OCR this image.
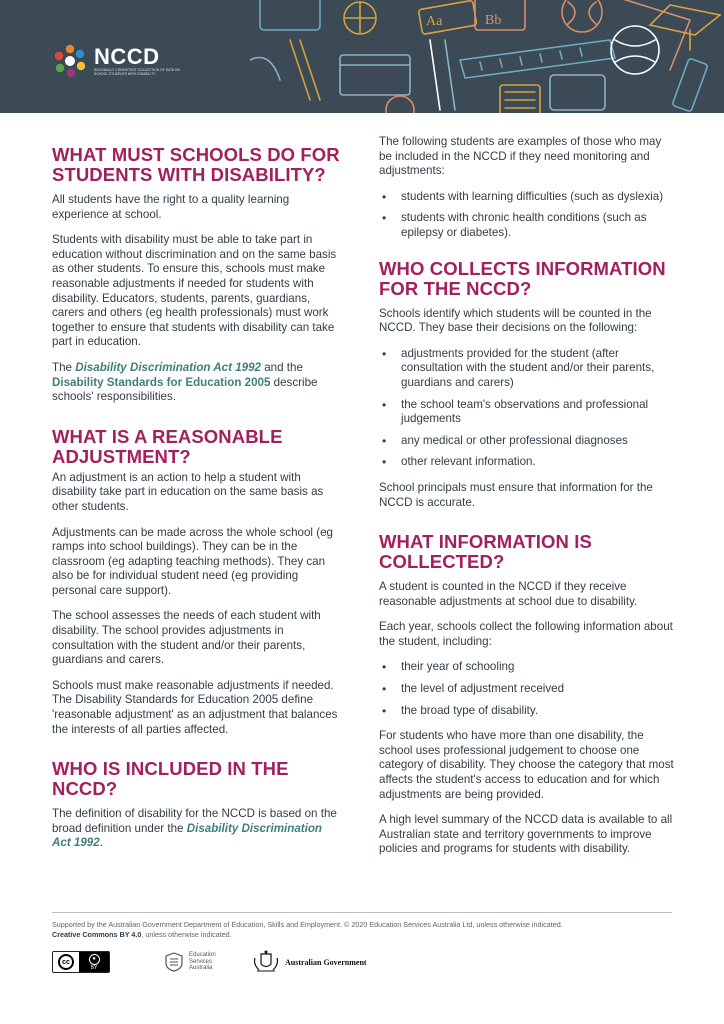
Aa	Bb
NCCD
NATIONALLY CONSISTENT COLLECTION OF DATA ON SCHOOL STUDENTS WITH DISABILITY
WHAT MUST SCHOOLS DO FOR STUDENTS WITH DISABILITY?

All students have the right to a quality learning experience at school.

Students with disability must be able to take part in education without discrimination and on the same basis as other students. To ensure this, schools must make reasonable adjustments if needed for students with disability. Educators, students, parents, guardians, carers and others (eg health professionals) must work together to ensure that students with disability can take part in education.

The Disability Discrimination Act 1992 and the Disability Standards for Education 2005 describe schools' responsibilities.

WHAT IS A REASONABLE ADJUSTMENT?

An adjustment is an action to help a student with disability take part in education on the same basis as other students.

Adjustments can be made across the whole school (eg ramps into school buildings). They can be in the classroom (eg adapting teaching methods). They can also be for individual student need (eg providing personal care support).

The school assesses the needs of each student with disability. The school provides adjustments in consultation with the student and/or their parents, guardians and carers.

Schools must make reasonable adjustments if needed. The Disability Standards for Education 2005 define 'reasonable adjustment' as an adjustment that balances the interests of all parties affected.

WHO IS INCLUDED IN THE NCCD?

The definition of disability for the NCCD is based on the broad definition under the Disability Discrimination Act 1992.

The following students are examples of those who may be included in the NCCD if they need monitoring and adjustments:

• students with learning difficulties (such as dyslexia)
• students with chronic health conditions (such as epilepsy or diabetes).
WHO COLLECTS INFORMATION FOR THE NCCD?

Schools identify which students will be counted in the NCCD. They base their decisions on the following:

• adjustments provided for the student (after consultation with the student and/or their parents, guardians and carers)
• the school team's observations and professional judgements
• any medical or other professional diagnoses
• other relevant information.

School principals must ensure that information for the NCCD is accurate.

WHAT INFORMATION IS COLLECTED?

A student is counted in the NCCD if they receive reasonable adjustments at school due to disability.

Each year, schools collect the following information about the student, including:

• their year of schooling
• the level of adjustment received
• the broad type of disability.

For students who have more than one disability, the school uses professional judgement to choose one category of disability. They choose the category that most affects the student's access to education and for which adjustments are being provided.

A high level summary of the NCCD data is available to all Australian state and territory governments to improve policies and programs for students with disability.

Supported by the Australian Government Department of Education, Skills and Employment. © 2020 Education Services Australia Ltd, unless otherwise indicated.
Creative Commons BY 4.0, unless otherwise indicated.
cc	●
BY
Education Services Australia
Australian Government
